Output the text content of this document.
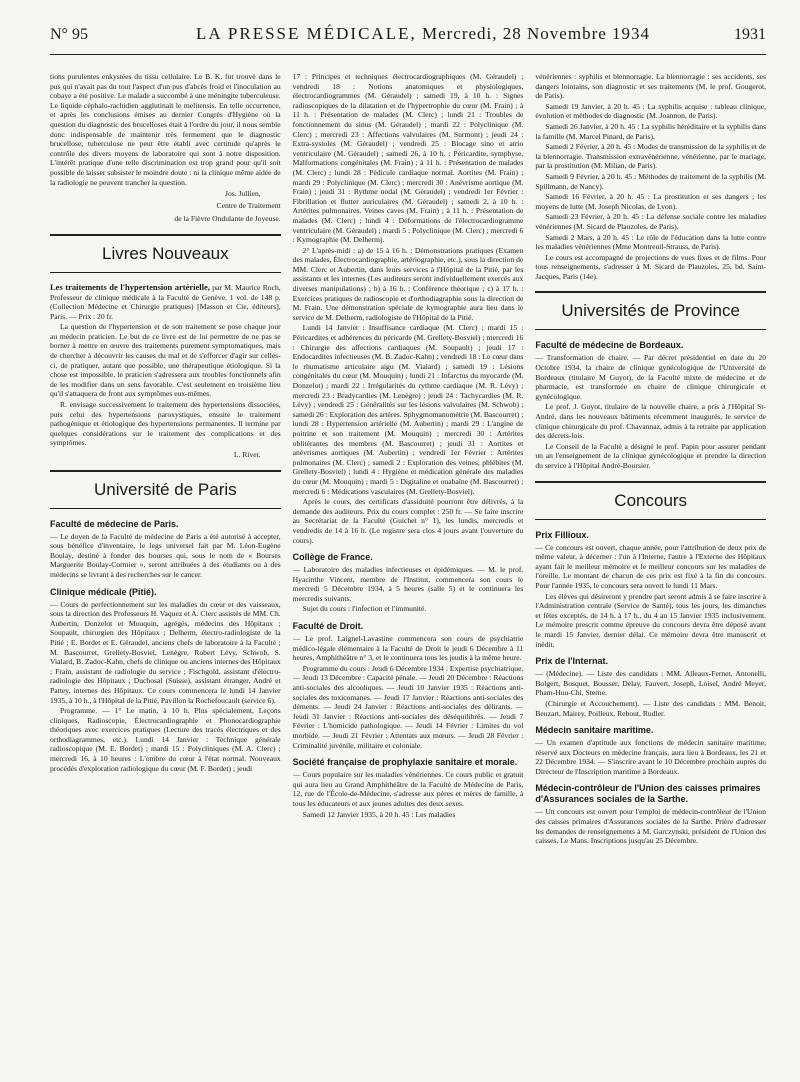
N° 95	LA PRESSE MÉDICALE, Mercredi, 28 Novembre 1934	1931

tions purulentes enkystées du tissu cellulaire. Le B. K. fut trouvé dans le pus qui n'avait pas du tout l'aspect d'un pus d'abcès froid et l'inoculation au cobaye a été positive. Le malade a succombé à une méningite tuberculeuse. Le liquide céphalo-rachidien agglutinait le melitensis. En telle occurrence, et après les conclusions émises au dernier Congrès d'Hygiène où la question du diagnostic des brucelloses était à l'ordre du jour, il nous semble donc indispensable de maintenir très fermement que le diagnostic brucellose, tuberculose ne peut être établi avec certitude qu'après le contrôle des divers moyens de laboratoire qui sont à notre disposition. L'intérêt pratique d'une telle discrimination est trop grand pour qu'il soit possible de laisser subsister le moindre doute : ni la clinique même aidée de la radiologie ne peuvent trancher la question.

Jos. Jullien,
Centre de Traitement
de la Fièvre Ondulante de Joyeuse.
Livres Nouveaux

Les traitements de l'hypertension artérielle, par M. Maurice Roch, Professeur de clinique médicale à la Faculté de Genève. 1 vol. de 148 p. (Collection Médecine et Chirurgie pratiques) [Masson et Cie, éditeurs], Paris. — Prix : 20 fr.

La question de l'hypertension et de son traitement se pose chaque jour au médecin praticien. Le but de ce livre est de lui permettre de ne pas se borner à mettre en œuvre des traitements purement symptomatiques, mais de chercher à découvrir les causes du mal et de s'efforcer d'agir sur celles-ci, de pratiquer, autant que possible, une thérapeutique étiologique. Si la chose est impossible, le praticien s'adressera aux troubles fonctionnels afin de les modifier dans un sens favorable. C'est seulement en troisième lieu qu'il s'attaquera de front aux symptômes eux-mêmes.

R. envisage successivement le traitement des hypertensions dissociées, puis celui des hypertensions paroxystiques, ensuite le traitement pathogénique et étiologique des hypertensions permanentes. Il termine par quelques considérations sur le traitement des complications et des symptômes.

L. Rivet.
Université de Paris
Faculté de médecine de Paris.

— Le doyen de la Faculté de médecine de Paris a été autorisé à accepter, sous bénéfice d'inventaire, le legs universel fait par M. Léon-Eugène Boulay, destiné à fonder des bourses qui, sous le nom de « Bourses Marguerite Boulay-Cormier », seront attribuées à des étudiants ou à des médecins se livrant à des recherches sur le cancer.

Clinique médicale (Pitié).

— Cours de perfectionnement sur les maladies du cœur et des vaisseaux, sous la direction des Professeurs H. Vaquez et A. Clerc assistés de MM. Ch. Aubertin, Donzelot et Mouquin, agrégés, médecins des Hôpitaux ; Soupault, chirurgien des Hôpitaux ; Delherm, électro-radiologiste de la Pitié ; E. Bordet et E. Géraudel, anciens chefs de laboratoire à la Faculté ; M. Bascourret, Grellety-Bosviel, Lenègre, Robert Lévy, Schwob, S. Vialard, B. Zadoc-Kahn, chefs de clinique ou anciens internes des Hôpitaux ; Frain, assistant de radiologie du service ; Fischgold, assistant d'électro-radiologie des Hôpitaux ; Duchosal (Suisse), assistant étranger, André et Pattey, internes des Hôpitaux. Ce cours commencera le lundi 14 Janvier 1935, à 10 h., à l'Hôpital de la Pitié, Pavillon la Rochefoucault (service 6).

Programme. — 1° Le matin, à 10 h. Plus spécialement, Leçons cliniques, Radioscopie, Électrocardiographie et Phonocardiographie théoriques avec exercices pratiques (Lecture des tracés électriques et des orthodiagrammes, etc.). Lundi 14 Janvier : Technique générale radioscopique (M. E. Bordet) ; mardi 15 : Polycliniques (M. A. Clerc) ; mercredi 16, à 10 heures : L'ombre du cœur à l'état normal. Nouveaux procédés d'exploration radiologique du cœur (M. F. Bordet) ; jeudi

17 : Principes et techniques électrocardiographiques (M. Géraudel) ; vendredi 18 : Notions anatomiques et physiologiques, électrocardiogrammes (M. Géraudel) ; samedi 19, à 10 h. : Signes radioscopiques de la dilatation et de l'hypertrophie du cœur (M. Frain) ; à 11 h. : Présentation de malades (M. Clerc) ; lundi 21 : Troubles de fonctionnement du sinus (M. Géraudel) ; mardi 22 : Polyclinique (M. Clerc) ; mercredi 23 : Affections valvulaires (M. Surmont) ; jeudi 24 : Extra-systoles (M. Géraudel) ; vendredi 25 : Blocage sino et atrio ventriculaire (M. Géraudel) ; samedi 26, à 10 h. : Péricardite, symphyse. Malformations congénitales (M. Frain) ; à 11 h. : Présentation de malades (M. Clerc) ; lundi 28 : Pédicule cardiaque normal. Aortites (M. Frain) ; mardi 29 : Polyclinique (M. Clerc) ; mercredi 30 : Anévrisme aortique (M. Frain) ; jeudi 31 : Rythme nodal (M. Géraudel) ; vendredi 1er Février : Fibrillation et flutter auriculaires (M. Géraudel) ; samedi 2, à 10 h. : Artérites pulmonaires. Veines caves (M. Frain) ; à 11 h. : Présentation de malades (M. Clerc) ; lundi 4 : Déformations de l'électrocardiogramme ventriculaire (M. Géraudel) ; mardi 5 : Polyclinique (M. Clerc) ; mercredi 6 : Kymographie (M. Delherm).

2° L'après-midi : a) de 15 à 16 h. : Démonstrations pratiques (Examen des malades, Électrocardiographie, artériographie, etc.), sous la direction de MM. Clerc et Aubertin, dans leurs services à l'Hôpital de la Pitié, par les assistants et les internes (Les auditeurs seront individuellement exercés aux diverses manipulations) ; b) à 16 h. : Conférence théorique ; c) à 17 h. : Exercices pratiques de radioscopie et d'orthodiagraphie sous la direction de M. Frain. Une démonstration spéciale de kymographie aura lieu dans le service de M. Delherm, radiologiste de l'Hôpital de la Pitié.

Lundi 14 Janvier : Insuffisance cardiaque (M. Clerc) ; mardi 15 : Péricardites et adhérences du péricarde (M. Grellety-Bosviel) ; mercredi 16 : Chirurgie des affections cardiaques (M. Soupault) ; jeudi 17 : Endocardites infectieuses (M. B. Zadoc-Kahn) ; vendredi 18 : Le cœur dans le rhumatisme articulaire aigu (M. Vialard) ; samedi 19 : Lésions congénitales du cœur (M. Mouquin) ; lundi 21 : Infarctus du myocarde (M. Donzelot) ; mardi 22 : Irrégularités du rythme cardiaque (M. R. Lévy) ; mercredi 23 : Bradycardies (M. Lenègre) ; jeudi 24 : Tachycardies (M. R. Lévy) ; vendredi 25 : Généralités sur les lésions valvulaires (M. Schwob) ; samedi 26 : Exploration des artères. Sphygmomanométrie (M. Bascourret) ; lundi 28 : Hypertension artérielle (M. Aubertin) ; mardi 29 : L'angine de poitrine et son traitement (M. Mouquin) ; mercredi 30 : Artérites oblitérantes des membres (M. Bascourret) ; jeudi 31 : Aortites et anévrismes aortiques (M. Aubertin) ; vendredi 1er Février : Artérites pulmonaires (M. Clerc) ; samedi 2 : Exploration des veines, phlébites (M. Grellety-Bosviel) ; lundi 4 : Hygiène et médication générale des maladies du cœur (M. Mouquin) ; mardi 5 : Digitaline et ouabaïne (M. Bascourret) ; mercredi 6 : Médications vasculaires (M. Grellety-Bosviel).

Après le cours, des certificats d'assiduité pourront être délivrés, à la demande des auditeurs. Prix du cours complet : 250 fr. — Se faire inscrire au Secrétariat de la Faculté (Guichet n° 1), les lundis, mercredis et vendredis de 14 à 16 h. (Le registre sera clos 4 jours avant l'ouverture du cours).

Collège de France.

— Laboratoire des maladies infectieuses et épidémiques. — M. le prof. Hyacinthe Vincent, membre de l'Institut, commencera son cours le mercredi 5 Décembre 1934, à 5 heures (salle 5) et le continuera les mercredis suivants.

Sujet du cours : l'infection et l'immunité.

Faculté de Droit.

— Le prof. Laignel-Lavastine commencera son cours de psychiatrie médico-légale élémentaire à la Faculté de Droit le jeudi 6 Décembre à 11 heures, Amphithéâtre n° 3, et le continuera tous les jeudis à la même heure.

Programme du cours : Jeudi 6 Décembre 1934 : Expertise psychiatrique. — Jeudi 13 Décembre : Capacité pénale. — Jeudi 20 Décembre : Réactions anti-sociales des alcooliques. — Jeudi 10 Janvier 1935 : Réactions anti-sociales des toxicomanes. — Jeudi 17 Janvier : Réactions anti-sociales des déments. — Jeudi 24 Janvier : Réactions anti-sociales des délirants. — Jeudi 31 Janvier : Réactions anti-sociales des déséquilibrés. — Jeudi 7 Février : L'homicide pathologique. — Jeudi 14 Février : Limites du vol morbide. — Jeudi 21 Février : Attentats aux mœurs. — Jeudi 28 Février : Criminalité juvénile, militaire et coloniale.

Société française de prophylaxie sanitaire et morale.

— Cours populaire sur les maladies vénériennes. Ce cours public et gratuit qui aura lieu au Grand Amphithéâtre de la Faculté de Médecine de Paris, 12, rue de l'École-de-Médecine, s'adresse aux pères et mères de famille, à tous les éducateurs et aux jeunes adultes des deux sexes.

Samedi 12 Janvier 1935, à 20 h. 45 : Les maladies

vénériennes : syphilis et blennorragie. La blennorragie : ses accidents, ses dangers lointains, son diagnostic et ses traitements (M. le prof. Gougerot, de Paris).

Samedi 19 Janvier, à 20 h. 45 : La syphilis acquise : tableau clinique, évolution et méthodes de diagnostic (M. Joannon, de Paris).

Samedi 26 Janvier, à 20 h. 45 : La syphilis héréditaire et la syphilis dans la famille (M. Marcel Pinard, de Paris).

Samedi 2 Février, à 20 h. 45 : Modes de transmission de la syphilis et de la blennorragie. Transmission extravénérienne, vénérienne, par le mariage, par la prostitution (M. Milian, de Paris).

Samedi 9 Février, à 20 h. 45 : Méthodes de traitement de la syphilis (M. Spillmann, de Nancy).

Samedi 16 Février, à 20 h. 45 : La prostitution et ses dangers ; les moyens de lutte (M. Joseph Nicolas, de Lyon).

Samedi 23 Février, à 20 h. 45 : La défense sociale contre les maladies vénériennes (M. Sicard de Plauzoles, de Paris).

Samedi 2 Mars, à 20 h. 45 : Le rôle de l'éducation dans la lutte contre les maladies vénériennes (Mme Montreuil-Strauss, de Paris).

Le cours est accompagné de projections de vues fixes et de films. Pour tous renseignements, s'adresser à M. Sicard de Plauzoles, 25, bd. Saint-Jacques, Paris (14e).

Universités de Province
Faculté de médecine de Bordeaux.

— Transformation de chaire. — Par décret présidentiel en date du 20 Octobre 1934, la chaire de clinique gynécologique de l'Université de Bordeaux (titulaire M Guyot), de la Faculté mixte de médecine et de pharmacie, est transformée en chaire de clinique chirurgicale et gynécologique.

Le prof. J. Guyot, titulaire de la nouvelle chaire, a pris à l'Hôpital St-André, dans les nouveaux bâtiments récemment inaugurés, le service de clinique chirurgicale du prof. Chavannaz, admis à la retraite par application des décrets-lois.

Le Conseil de la Faculté a désigné le prof. Papin pour assurer pendant un an l'enseignement de la clinique gynécologique et prendre la direction du service à l'Hôpital André-Boursier.

Concours
Prix Fillioux.

— Ce concours est ouvert, chaque année, pour l'attribution de deux prix de même valeur, à décerner : l'un à l'Interne, l'autre à l'Externe des Hôpitaux ayant fait le meilleur mémoire et le meilleur concours sur les maladies de l'oreille. Le montant de chacun de ces prix est fixé à la fin du concours. Pour l'année 1935, le concours sera ouvert le lundi 11 Mars.

Les élèves qui désireront y prendre part seront admis à se faire inscrire à l'Administration centrale (Service de Santé), tous les jours, les dimanches et fêtes exceptés, de 14 h. à 17 h., du 4 au 15 Janvier 1935 inclusivement. Le mémoire prescrit comme épreuve du concours devra être déposé avant le mardi 15 Janvier, dernier délai. Ce mémoire devra être manuscrit et inédit.

Prix de l'Internat.

— (Médecine). — Liste des candidats : MM. Alleaux-Fernet, Antonelli, Bolgert, Bosquet, Bousser, Delay, Fauvert, Joseph, Loisel, André Meyer, Pham-Huu-Chi, Sterne.

(Chirurgie et Accouchement). — Liste des candidats : MM. Benoit, Beuzart, Mairey, Poilleux, Rebout, Rudler.

Médecin sanitaire maritime.

— Un examen d'aptitude aux fonctions de médecin sanitaire maritime, réservé aux Docteurs en médecine français, aura lieu à Bordeaux, les 21 et 22 Décembre 1934. — S'inscrire avant le 10 Décembre prochain auprès du Directeur de l'Inscription maritime à Bordeaux.

Médecin-contrôleur de l'Union des caisses primaires d'Assurances sociales de la Sarthe.

— Un concours est ouvert pour l'emploi de médecin-contrôleur de l'Union des caisses primaires d'Assurances sociales de la Sarthe. Prière d'adresser les demandes de renseignements à M. Garczynski, président de l'Union des caisses, Le Mans. Inscriptions jusqu'au 25 Décembre.
